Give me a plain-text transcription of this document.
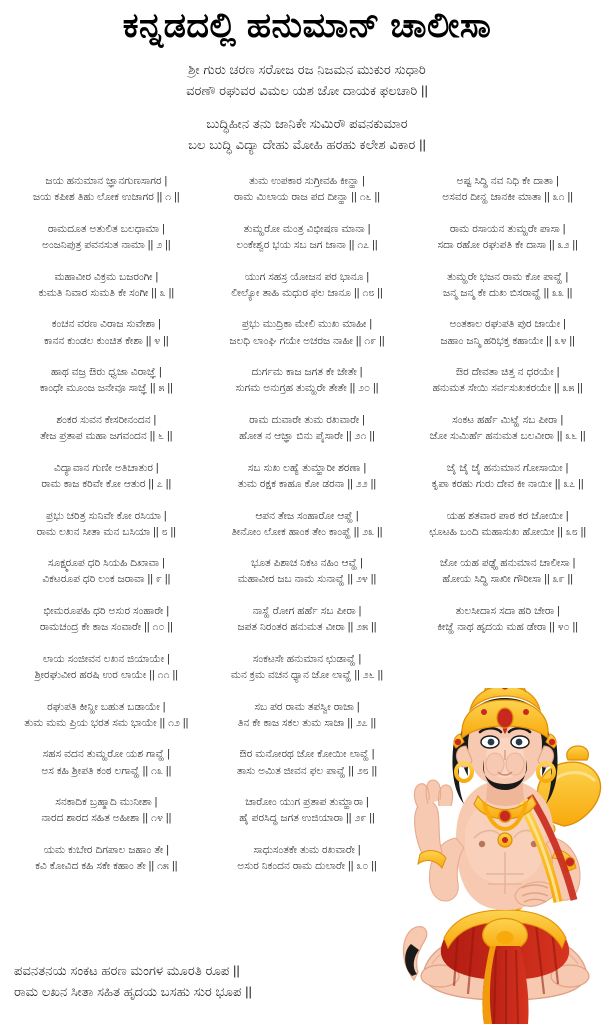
ಕನ್ನಡದಲ್ಲಿ ಹನುಮಾನ್ ಚಾಲೀಸಾ
ಶ್ರೀ ಗುರು ಚರಣ ಸರೋಜ ರಜ ನಿಜಮನ ಮುಕುರ ಸುಧಾರಿ
ವರಣೌ ರಘುವರ ವಿಮಲ ಯಶ ಜೋ ದಾಯಕ ಫಲಚಾರಿ ||
ಬುದ್ಧಿಹೀನ ತನು ಜಾನಿಕೇ ಸುಮಿರೌ ಪವನಕುಮಾರ
ಬಲ ಬುದ್ಧಿ ವಿದ್ಯಾ ದೇಹು ಮೋಹಿ ಹರಹು ಕಲೇಶ ವಿಕಾರ ||
ಜಯ ಹನುಮಾನ ಜ್ಞಾನಗುಣಸಾಗರ |
ಜಯ ಕಪೀಶ ತಿಹು ಲೋಕ ಉಜಾಗರ || ೧ ||
ರಾಮದೂತ ಅತುಲಿತ ಬಲಧಾಮಾ |
ಅಂಜನಿಪುತ್ರ ಪವನಸುತ ನಾಮಾ || ೨ ||
ಮಹಾವೀರ ವಿಕ್ರಮ ಬಜರಂಗೀ |
ಕುಮತಿ ನಿವಾರ ಸುಮತಿ ಕೇ ಸಂಗೀ || ೩ ||
ಕಂಚನ ವರಣ ವಿರಾಜ ಸುವೇಶಾ |
ಕಾನನ ಕುಂಡಲ ಕುಂಚಿತ ಕೇಶಾ || ೪ ||
ಹಾಥ ವಜ್ರ ಔರು ಧ್ವಜಾ ವಿರಾಜ್ಞೆ |
ಕಾಂಧೇ ಮೂಂಜ ಜನೇವೂ ಸಾಜ್ಞೆ || ೫ ||
ಶಂಕರ ಸುವನ ಕೇಸರೀನಂದನ |
ತೇಜ ಪ್ರತಾಪ ಮಹಾ ಜಗವಂದನ || ೬ ||
ವಿದ್ಯಾವಾನ ಗುಣೀ ಅತಿಚಾತುರ |
ರಾಮ ಕಾಜ ಕರಿವೇ ಕೋ ಆತುರ || ೭ ||
ಪ್ರಭು ಚರಿತ್ರ ಸುನಿವೇ ಕೋ ರಸಿಯಾ |
ರಾಮ ಲಖನ ಸೀತಾ ಮನ ಬಸಿಯಾ || ೮ ||
ಸೂಕ್ಷ್ಮರೂಪ ಧರಿ ಸಿಯಹಿ ದಿಖಾವಾ |
ವಿಕಟರೂಪ ಧರಿ ಲಂಕ ಜರಾವಾ || ೯ ||
ಭೀಮರೂಪಹಿ ಧರಿ ಅಸುರ ಸಂಹಾರೇ |
ರಾಮಚಂದ್ರ ಕೇ ಕಾಜ ಸಂವಾರೇ || ೧೦ ||
ಲಾಯ ಸಂಜೀವನ ಲಖನ ಜಿಯಾಯೇ |
ಶ್ರೀರಘುವೀರ ಹರಷಿ ಉರ ಲಾಯೇ || ೧೧ ||
ರಘುಪತಿ ಕೀನ್ಹೀ ಬಹುತ ಬಡಾಯೇ |
ತುಮ ಮಮ ಪ್ರಿಯ ಭರತ ಸಮ ಭಾಯೇ || ೧೨ ||
ಸಹಸ ವದನ ತುಮ್ಹರೋ ಯಶ ಗಾವ್ಹೆ |
ಅಸ ಕಹಿ ಶ್ರೀಪತಿ ಕಂಠ ಲಗಾವ್ಹೆ || ೧೩ ||
ಸನಕಾದಿಕ ಬ್ರಹ್ಮಾದಿ ಮುನೀಶಾ |
ನಾರದ ಶಾರದ ಸಹಿತ ಅಹೀಶಾ || ೧೪ ||
ಯಮ ಕುಬೇರ ದಿಗಪಾಲ ಜಹಾಂ ತೇ |
ಕವಿ ಕೋವಿದ ಕಹಿ ಸಕೇ ಕಹಾಂ ತೇ || ೧೫ ||
ತುಮ ಉಪಕಾರ ಸುಗ್ರೀವಹಿ ಕೀನ್ಹಾ |
ರಾಮ ಮಿಲಾಯ ರಾಜ ಪದ ದೀನ್ಹಾ || ೧೬ ||
ತುಮ್ಹರೋ ಮಂತ್ರ ವಿಭೀಷಣ ಮಾನಾ |
ಲಂಕೇಶ್ವರ ಭಯ ಸಬ ಜಗ ಜಾನಾ || ೧೭ ||
ಯುಗ ಸಹಸ್ರ ಯೋಜನ ಪರ ಭಾನೂ |
ಲೀಲ್ಯೋ ತಾಹಿ ಮಧುರ ಫಲ ಜಾನೂ || ೧೮ ||
ಪ್ರಭು ಮುದ್ರಿಕಾ ಮೇಲಿ ಮುಖ ಮಾಹೀ |
ಜಲಧಿ ಲಾಂಘಿ ಗಯೇ ಅಚರಜ ನಾಹೀ || ೧೯ ||
ದುರ್ಗಮ ಕಾಜ ಜಗತ ಕೇ ಜೇತೇ |
ಸುಗಮ ಅನುಗ್ರಹ ತುಮ್ಹರೇ ತೇತೇ || ೨೦ ||
ರಾಮ ದುವಾರೇ ತುಮ ರಖವಾರೇ |
ಹೋತ ನ ಆಜ್ಞಾ ಬಿನು ಪೈಸಾರೇ || ೨೧ ||
ಸಬ ಸುಖ ಲಹ್ಯೆ ತುಮ್ಹಾರೀ ಶರಣಾ |
ತುಮ ರಕ್ಷಕ ಕಾಹೂ ಕೋ ಡರನಾ || ೨೨ ||
ಆಪನ ತೇಜ ಸಂಹಾರೋ ಆಪ್ಹೆ |
ತೀನೋಂ ಲೋಕ ಹಾಂಕ ತೇಂ ಕಾಂಪ್ಹೆ || ೨೩ ||
ಭೂತ ಪಿಶಾಚ ನಿಕಟ ನಹಿಂ ಆವ್ಹೆ |
ಮಹಾವೀರ ಜಬ ನಾಮ ಸುನಾವ್ಹೆ || ೨೪ ||
ನಾಸ್ಹೆ ರೋಗ ಹರ್ಹೆ ಸಬ ಪೀರಾ |
ಜಪತ ನಿರಂತರ ಹನುಮತ ವೀರಾ || ೨೫ ||
ಸಂಕಟಸೇ ಹನುಮಾನ ಛುಡಾವ್ಹೆ |
ಮನ ಕ್ರಮ ವಚನ ಧ್ಯಾನ ಜೋ ಲಾವ್ಹೆ || ೨೬ ||
ಸಬ ಪರ ರಾಮ ತಪಸ್ವೀ ರಾಜಾ |
ತಿನ ಕೇ ಕಾಜ ಸಕಲ ತುಮ ಸಾಜಾ || ೨೭ ||
ಔರ ಮನೋರಥ ಜೋ ಕೋಯೀ ಲಾವ್ಹೆ |
ತಾಸು ಅಮಿತ ಜೀವನ ಫಲ ಪಾವ್ಹೆ || ೨೮ ||
ಚಾರೋಂ ಯುಗ ಪ್ರತಾಪ ತುಮ್ಹಾರಾ |
ಹೈ ಪರಸಿದ್ಧ ಜಗತ ಉಜಿಯಾರಾ || ೨೯ ||
ಸಾಧುಸಂತಕೇ ತುಮ ರಖವಾರೇ |
ಅಸುರ ನಿಕಂದನ ರಾಮ ದುಲಾರೇ || ೩೦ ||
ಅಷ್ಟ ಸಿದ್ಧಿ ನವ ನಿಧಿ ಕೇ ದಾತಾ |
ಅಸವರ ದೀನ್ಹ ಜಾನಕೀ ಮಾತಾ || ೩೧ ||
ರಾಮ ರಸಾಯನ ತುಮ್ಹರೇ ಪಾಸಾ |
ಸದಾ ರಹೋ ರಘುಪತಿ ಕೇ ದಾಸಾ || ೩೨ ||
ತುಮ್ಹರೇ ಭಜನ ರಾಮ ಕೋ ಪಾವ್ಹೆ |
ಜನ್ಮ ಜನ್ಮ ಕೇ ದುಖ ಬಿಸರಾವ್ಹೆ || ೩೩ ||
ಅಂತಕಾಲ ರಘುಪತಿ ಪುರ ಜಾಯೇ |
ಜಹಾಂ ಜನ್ಮಿ ಹರಿಭಕ್ತ ಕಹಾಯೇ || ೩೪ ||
ಔರ ದೇವತಾ ಚಿತ್ತ ನ ಧರಯೇ |
ಹನುಮತ ಸೇಯಿ ಸರ್ವಸುಖಕರಯೇ || ೩೫ ||
ಸಂಕಟ ಹರ್ಹೆ ಮಿಟ್ಹೆ ಸಬ ಪೀರಾ |
ಜೋ ಸುಮಿರ್ಹೆ ಹನುಮತ ಬಲವೀರಾ || ೩೬ ||
ಜೈ ಜೈ ಜೈ ಹನುಮಾನ ಗೋಸಾಯೀ |
ಕೃಪಾ ಕರಹು ಗುರು ದೇವ ಕೀ ನಾಯೀ || ೩೭ ||
ಯಹ ಶತವಾರ ಪಾಠ ಕರ ಜೋಯೀ |
ಛೂಟಹಿ ಬಂದಿ ಮಹಾಸುಖ ಹೋಯೀ || ೩೮ ||
ಜೋ ಯಹ ಪಢ್ಹೆ ಹನುಮಾನ ಚಾಲೀಸಾ |
ಹೋಯ ಸಿದ್ಧಿ ಸಾಖೀ ಗೌರೀಸಾ || ೩೯ ||
ತುಲಸೀದಾಸ ಸದಾ ಹರಿ ಚೇರಾ |
ಕೀಜ್ಹೆ ನಾಥ ಹೃದಯ ಮಹ ಡೇರಾ || ೪೦ ||
ಪವನತನಯ ಸಂಕಟ ಹರಣ ಮಂಗಳ ಮೂರತಿ ರೂಪ ||
ರಾಮ ಲಖನ ಸೀತಾ ಸಹಿತ ಹೃದಯ ಬಸಹು ಸುರ ಭೂಪ ||
